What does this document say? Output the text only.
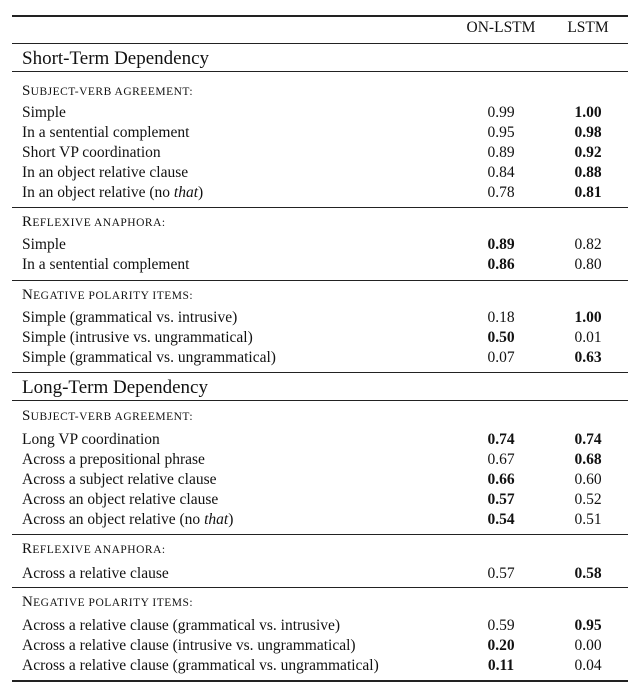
ON-LSTM	LSTM
Short-Term Dependency
SUBJECT-VERB AGREEMENT:
Simple	0.99	1.00
In a sentential complement	0.95	0.98
Short VP coordination	0.89	0.92
In an object relative clause	0.84	0.88
In an object relative (no that)	0.78	0.81
REFLEXIVE ANAPHORA:
Simple	0.89	0.82
In a sentential complement	0.86	0.80
NEGATIVE POLARITY ITEMS:
Simple (grammatical vs. intrusive)	0.18	1.00
Simple (intrusive vs. ungrammatical)	0.50	0.01
Simple (grammatical vs. ungrammatical)	0.07	0.63
Long-Term Dependency
SUBJECT-VERB AGREEMENT:
Long VP coordination	0.74	0.74
Across a prepositional phrase	0.67	0.68
Across a subject relative clause	0.66	0.60
Across an object relative clause	0.57	0.52
Across an object relative (no that)	0.54	0.51
REFLEXIVE ANAPHORA:
Across a relative clause	0.57	0.58
NEGATIVE POLARITY ITEMS:
Across a relative clause (grammatical vs. intrusive)	0.59	0.95
Across a relative clause (intrusive vs. ungrammatical)	0.20	0.00
Across a relative clause (grammatical vs. ungrammatical)	0.11	0.04
